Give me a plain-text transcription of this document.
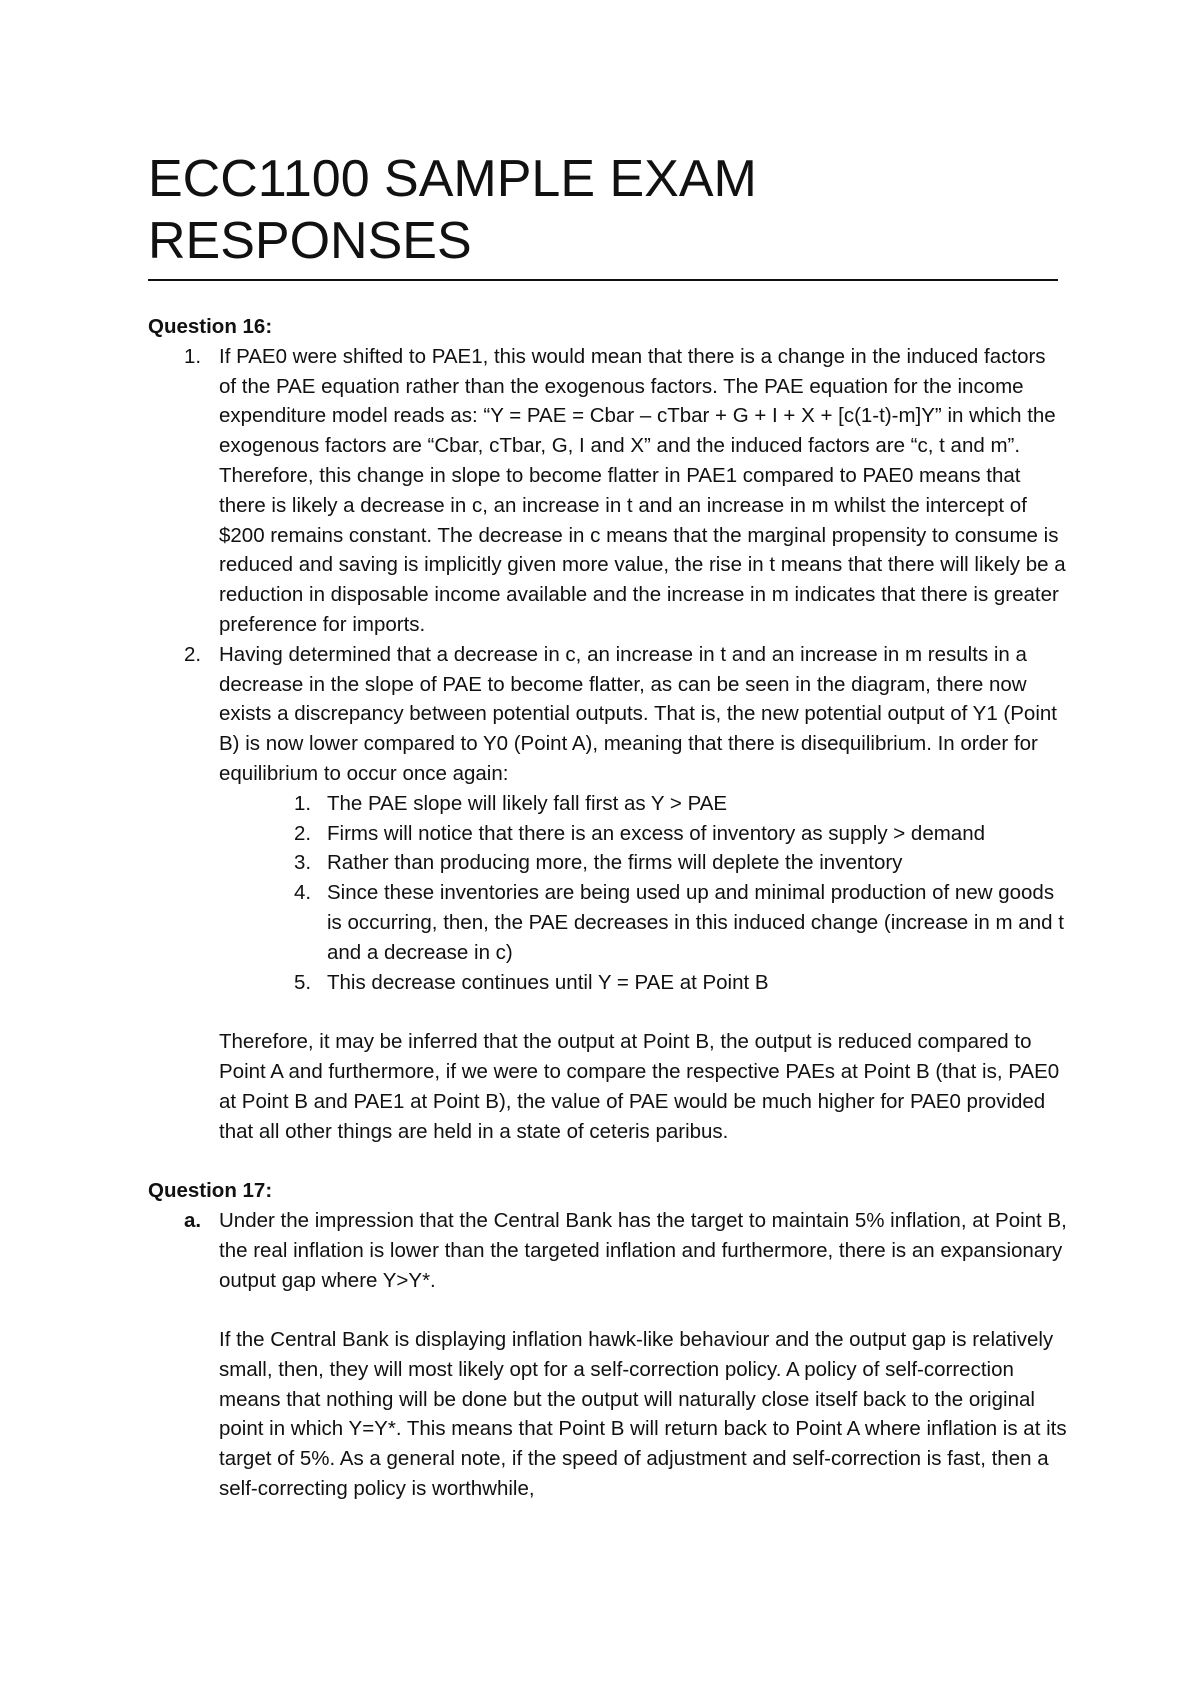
ECC1100 SAMPLE EXAM RESPONSES

Question 16:

1. If PAE0 were shifted to PAE1, this would mean that there is a change in the induced factors of the PAE equation rather than the exogenous factors. The PAE equation for the income expenditure model reads as: “Y = PAE = Cbar – cTbar + G + I + X + [c(1-t)-m]Y” in which the exogenous factors are “Cbar, cTbar, G, I and X” and the induced factors are “c, t and m”. Therefore, this change in slope to become flatter in PAE1 compared to PAE0 means that there is likely a decrease in c, an increase in t and an increase in m whilst the intercept of $200 remains constant. The decrease in c means that the marginal propensity to consume is reduced and saving is implicitly given more value, the rise in t means that there will likely be a reduction in disposable income available and the increase in m indicates that there is greater preference for imports.

2. Having determined that a decrease in c, an increase in t and an increase in m results in a decrease in the slope of PAE to become flatter, as can be seen in the diagram, there now exists a discrepancy between potential outputs. That is, the new potential output of Y1 (Point B) is now lower compared to Y0 (Point A), meaning that there is disequilibrium. In order for equilibrium to occur once again:

1. The PAE slope will likely fall first as Y > PAE
2. Firms will notice that there is an excess of inventory as supply > demand
3. Rather than producing more, the firms will deplete the inventory
4. Since these inventories are being used up and minimal production of new goods is occurring, then, the PAE decreases in this induced change (increase in m and t and a decrease in c)
5. This decrease continues until Y = PAE at Point B

Therefore, it may be inferred that the output at Point B, the output is reduced compared to Point A and furthermore, if we were to compare the respective PAEs at Point B (that is, PAE0 at Point B and PAE1 at Point B), the value of PAE would be much higher for PAE0 provided that all other things are held in a state of ceteris paribus.

Question 17:

a. Under the impression that the Central Bank has the target to maintain 5% inflation, at Point B, the real inflation is lower than the targeted inflation and furthermore, there is an expansionary output gap where Y>Y*.

If the Central Bank is displaying inflation hawk-like behaviour and the output gap is relatively small, then, they will most likely opt for a self-correction policy. A policy of self-correction means that nothing will be done but the output will naturally close itself back to the original point in which Y=Y*. This means that Point B will return back to Point A where inflation is at its target of 5%. As a general note, if the speed of adjustment and self-correction is fast, then a self-correcting policy is worthwhile,
